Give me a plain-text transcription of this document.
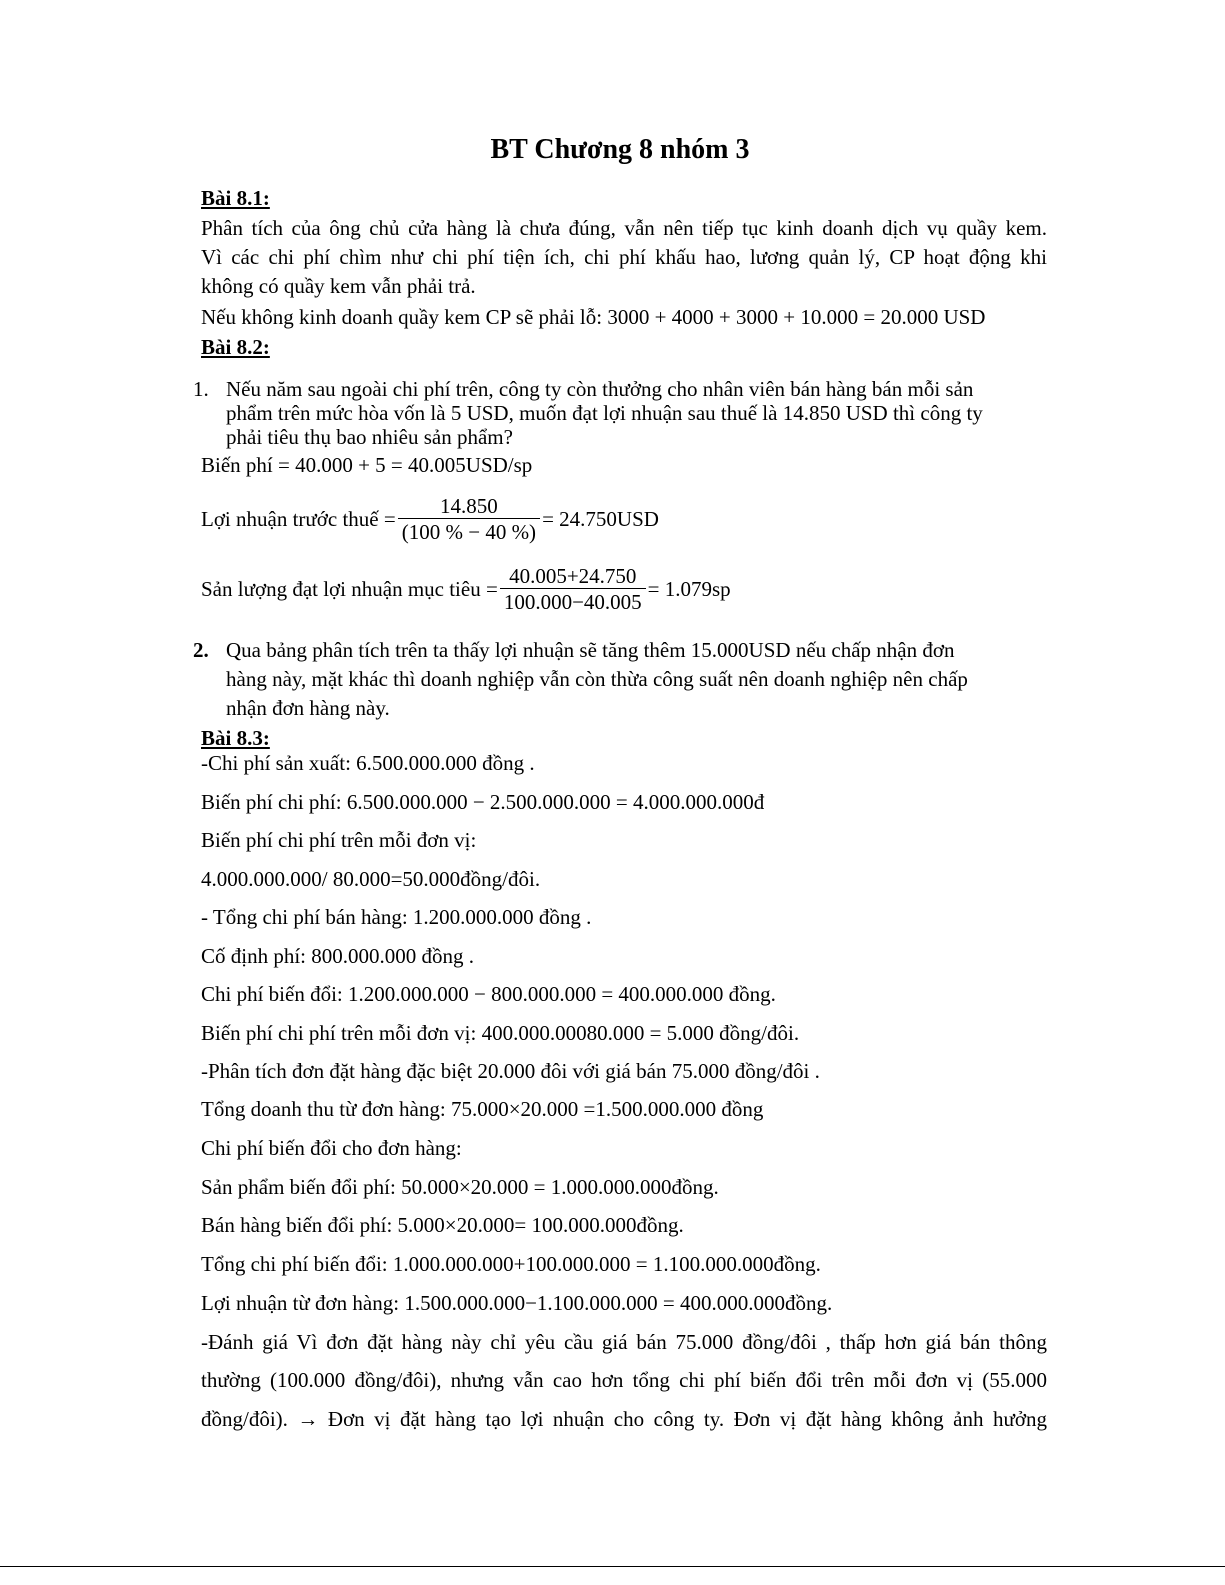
BT Chương 8 nhóm 3
Bài 8.1:
Phân tích của ông chủ cửa hàng là chưa đúng, vẫn nên tiếp tục kinh doanh dịch vụ quầy kem.
Vì các chi phí chìm như chi phí tiện ích, chi phí khấu hao, lương quản lý, CP hoạt động khi
không có quầy kem vẫn phải trả.
Nếu không kinh doanh quầy kem CP sẽ phải lỗ: 3000 + 4000 + 3000 + 10.000 = 20.000 USD
Bài 8.2:
1. Nếu năm sau ngoài chi phí trên, công ty còn thưởng cho nhân viên bán hàng bán mỗi sản
phẩm trên mức hòa vốn là 5 USD, muốn đạt lợi nhuận sau thuế là 14.850 USD thì công ty
phải tiêu thụ bao nhiêu sản phẩm?
Biến phí = 40.000 + 5 = 40.005USD/sp
Lợi nhuận trước thuế = $\frac{14.850}{(100 \% - 40 \%)} = 24.750USD$
Sản lượng đạt lợi nhuận mục tiêu = $\frac{40.005+24.750}{100.000-40.005} = 1.079sp$
2. Qua bảng phân tích trên ta thấy lợi nhuận sẽ tăng thêm 15.000USD nếu chấp nhận đơn
hàng này, mặt khác thì doanh nghiệp vẫn còn thừa công suất nên doanh nghiệp nên chấp
nhận đơn hàng này.
Bài 8.3:
-Chi phí sản xuất: 6.500.000.000 đồng .
Biến phí chi phí: 6.500.000.000 − 2.500.000.000 = 4.000.000.000đ
Biến phí chi phí trên mỗi đơn vị:
4.000.000.000/ 80.000=50.000đồng/đôi.
- Tổng chi phí bán hàng: 1.200.000.000 đồng .
Cố định phí: 800.000.000 đồng .
Chi phí biến đổi: 1.200.000.000 − 800.000.000 = 400.000.000 đồng.
Biến phí chi phí trên mỗi đơn vị: 400.000.00080.000 = 5.000 đồng/đôi.
-Phân tích đơn đặt hàng đặc biệt 20.000 đôi với giá bán 75.000 đồng/đôi .
Tổng doanh thu từ đơn hàng: 75.000×20.000 =1.500.000.000 đồng
Chi phí biến đổi cho đơn hàng:
Sản phẩm biến đổi phí: 50.000×20.000 = 1.000.000.000đồng.
Bán hàng biến đổi phí: 5.000×20.000= 100.000.000đồng.
Tổng chi phí biến đổi: 1.000.000.000+100.000.000 = 1.100.000.000đồng.
Lợi nhuận từ đơn hàng: 1.500.000.000−1.100.000.000 = 400.000.000đồng.
-Đánh giá Vì đơn đặt hàng này chỉ yêu cầu giá bán 75.000 đồng/đôi , thấp hơn giá bán thông
thường (100.000 đồng/đôi), nhưng vẫn cao hơn tổng chi phí biến đổi trên mỗi đơn vị (55.000
đồng/đôi). → Đơn vị đặt hàng tạo lợi nhuận cho công ty. Đơn vị đặt hàng không ảnh hưởng
